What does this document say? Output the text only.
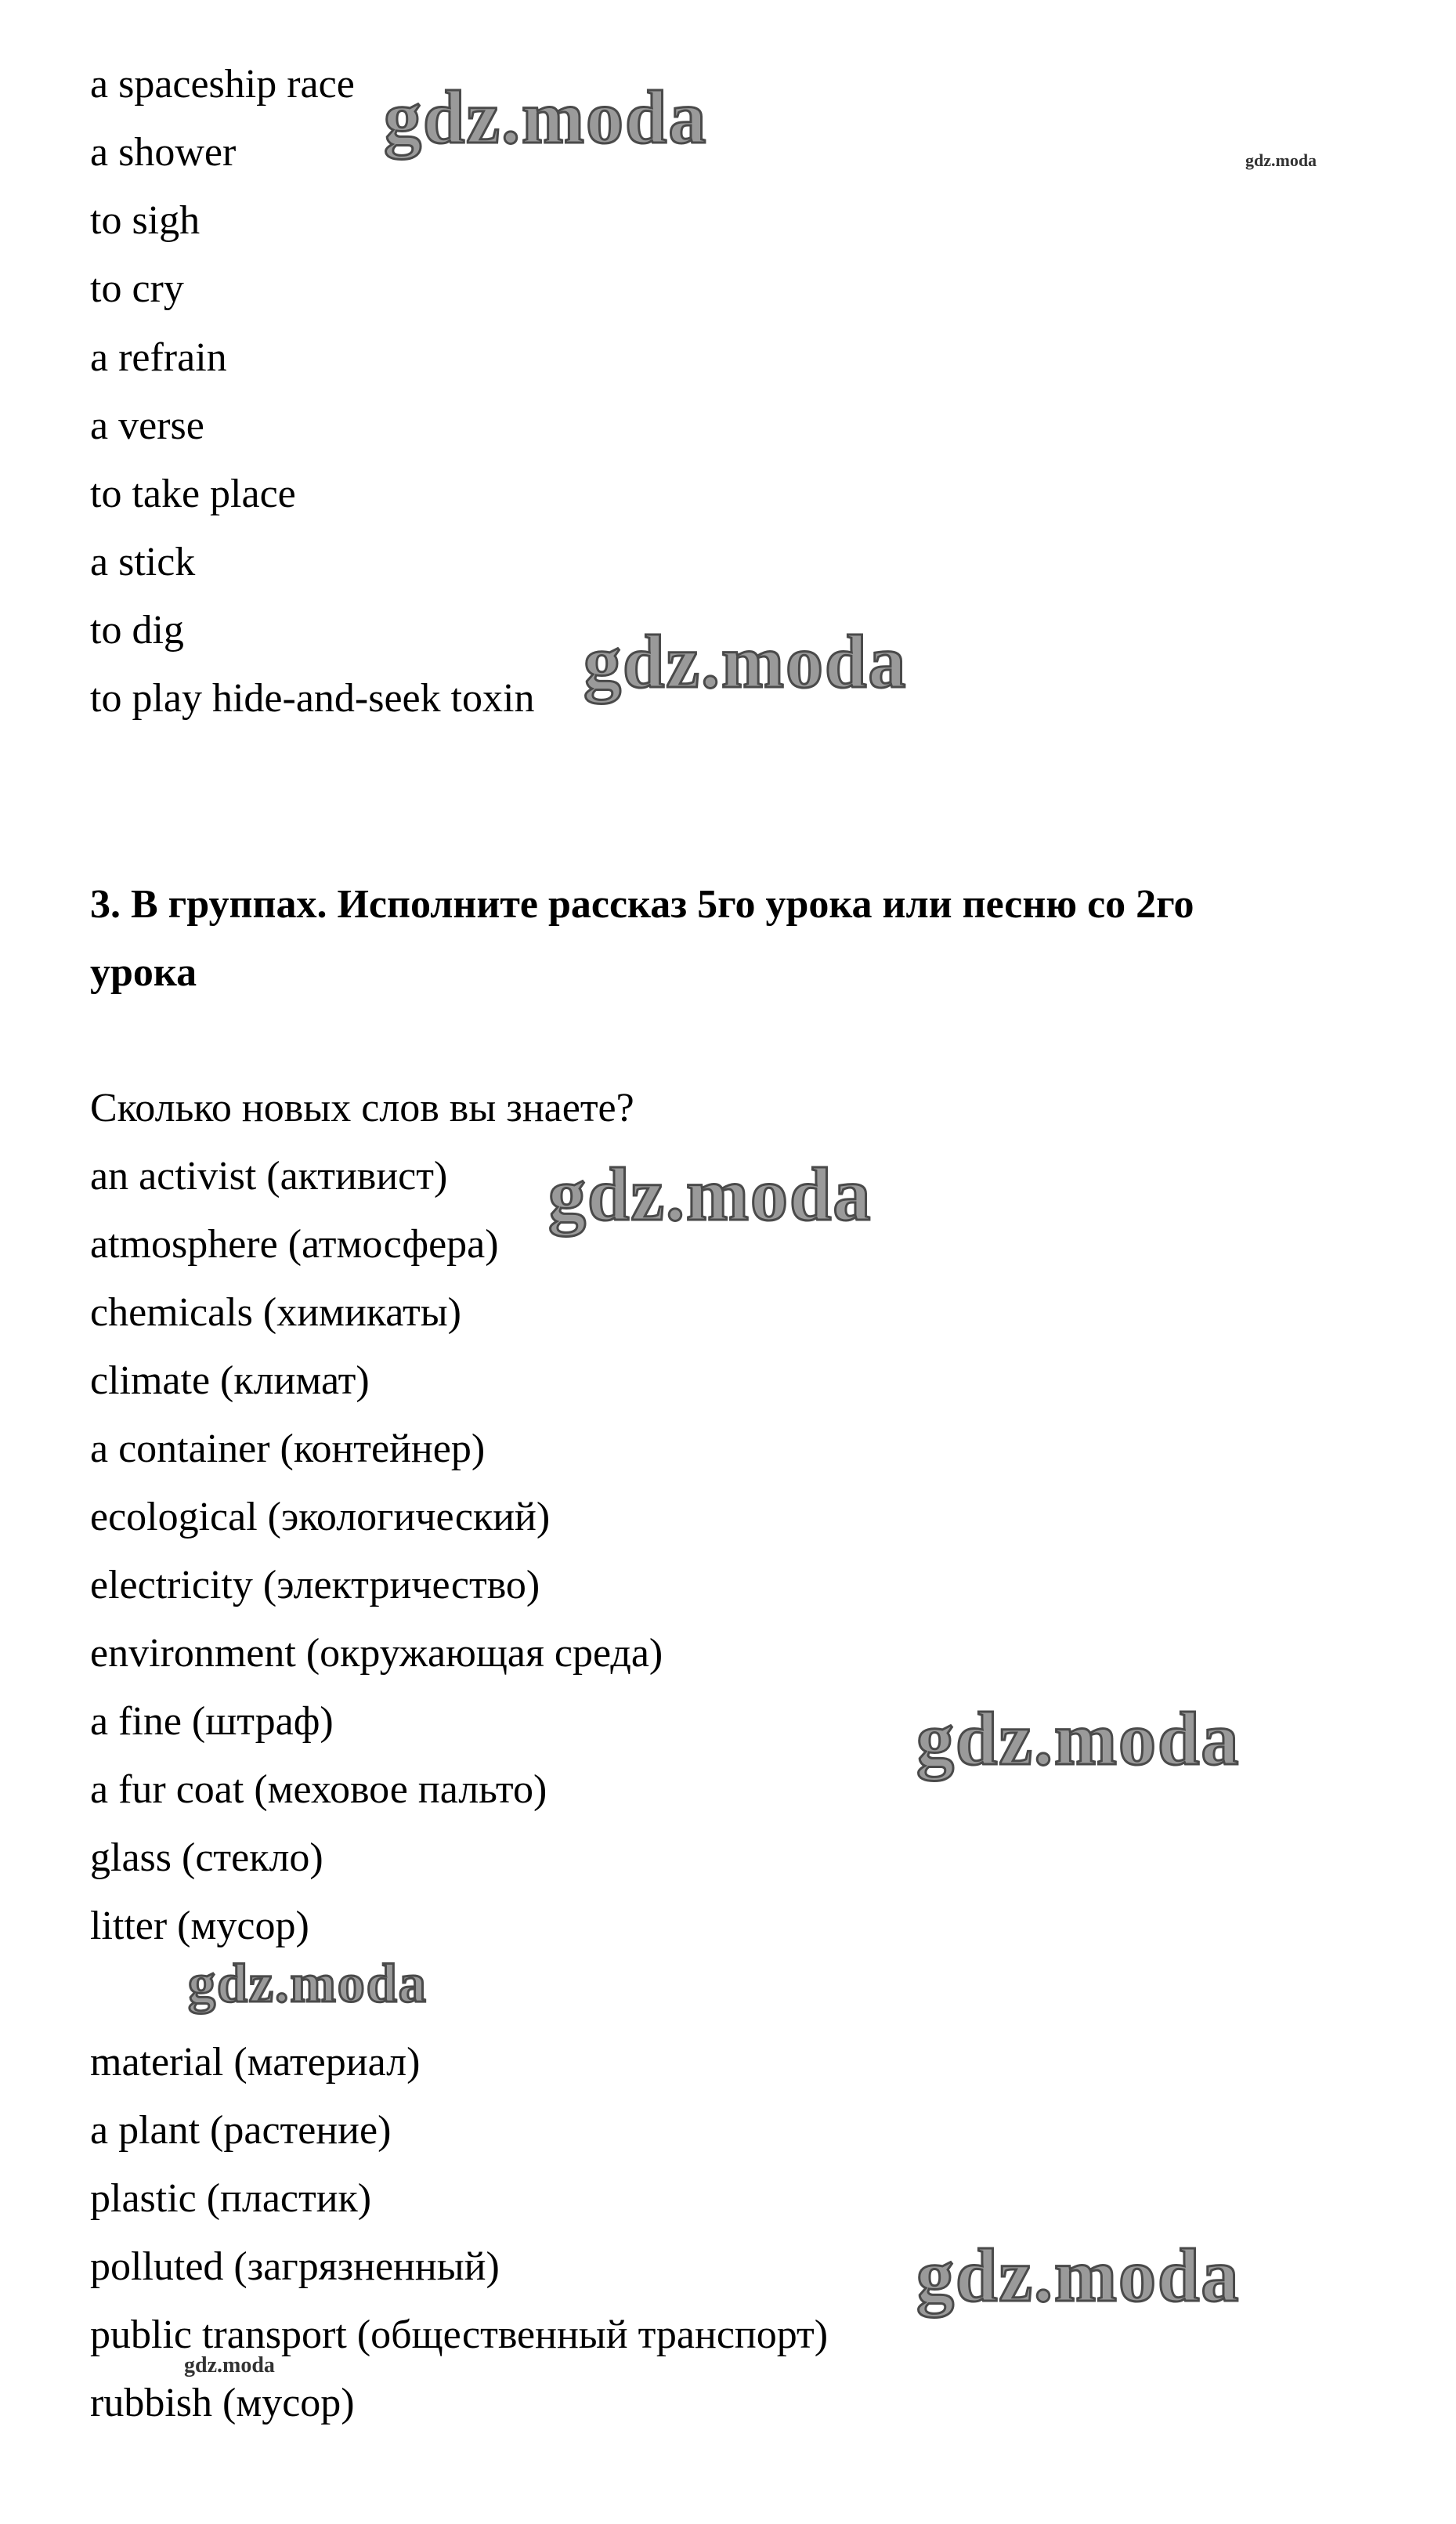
a spaceship race
a shower
to sigh
to cry
a refrain
a verse
to take place
a stick
to dig
to play hide-and-seek toxin
3. В группах. Исполните рассказ 5го урока или песню со 2го
урока
Сколько новых слов вы знаете?
an activist (активист)
atmosphere (атмосфера)
chemicals (химикаты)
climate (климат)
a container (контейнер)
ecological (экологический)
electricity (электричество)
environment (окружающая среда)
a fine (штраф)
a fur coat (меховое пальто)
glass (стекло)
litter (мусор)
material (материал)
a plant (растение)
plastic (пластик)
polluted (загрязненный)
public transport (общественный транспорт)
rubbish (мусор)
gdz.moda
gdz.moda
gdz.moda
gdz.moda
gdz.moda
gdz.moda
gdz.moda
gdz.moda
